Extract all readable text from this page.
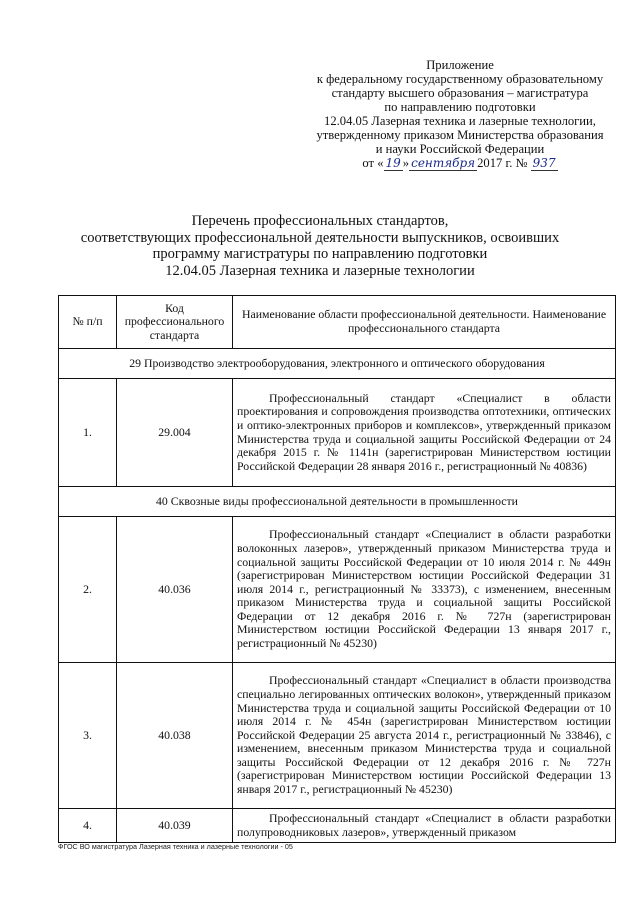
Приложение
к федеральному государственному образовательному
стандарту высшего образования – магистратура
по направлению подготовки
12.04.05 Лазерная техника и лазерные технологии,
утвержденному приказом Министерства образования
и науки Российской Федерации
от « 19 » сентября 2017 г. № 937
Перечень профессиональных стандартов,
соответствующих профессиональной деятельности выпускников, освоивших
программу магистратуры по направлению подготовки
12.04.05 Лазерная техника и лазерные технологии
№ п/п	Код профессионального стандарта	Наименование области профессиональной деятельности. Наименование профессионального стандарта
29 Производство электрооборудования, электронного и оптического оборудования		
1.	29.004	Профессиональный стандарт «Специалист в области проектирования и сопровождения производства оптотехники, оптических и оптико-электронных приборов и комплексов», утвержденный приказом Министерства труда и социальной защиты Российской Федерации от 24 декабря 2015 г. № 1141н (зарегистрирован Министерством юстиции Российской Федерации 28 января 2016 г., регистрационный № 40836)
40 Сквозные виды профессиональной деятельности в промышленности		
2.	40.036	Профессиональный стандарт «Специалист в области разработки волоконных лазеров», утвержденный приказом Министерства труда и социальной защиты Российской Федерации от 10 июля 2014 г. № 449н (зарегистрирован Министерством юстиции Российской Федерации 31 июля 2014 г., регистрационный № 33373), с изменением, внесенным приказом Министерства труда и социальной защиты Российской Федерации от 12 декабря 2016 г. № 727н (зарегистрирован Министерством юстиции Российской Федерации 13 января 2017 г., регистрационный № 45230)
3.	40.038	Профессиональный стандарт «Специалист в области производства специально легированных оптических волокон», утвержденный приказом Министерства труда и социальной защиты Российской Федерации от 10 июля 2014 г. № 454н (зарегистрирован Министерством юстиции Российской Федерации 25 августа 2014 г., регистрационный № 33846), с изменением, внесенным приказом Министерства труда и социальной защиты Российской Федерации от 12 декабря 2016 г. № 727н (зарегистрирован Министерством юстиции Российской Федерации 13 января 2017 г., регистрационный № 45230)
4.	40.039	Профессиональный стандарт «Специалист в области разработки полупроводниковых лазеров», утвержденный приказом
ФГОС ВО магистратура Лазерная техника и лазерные технологии - 05
